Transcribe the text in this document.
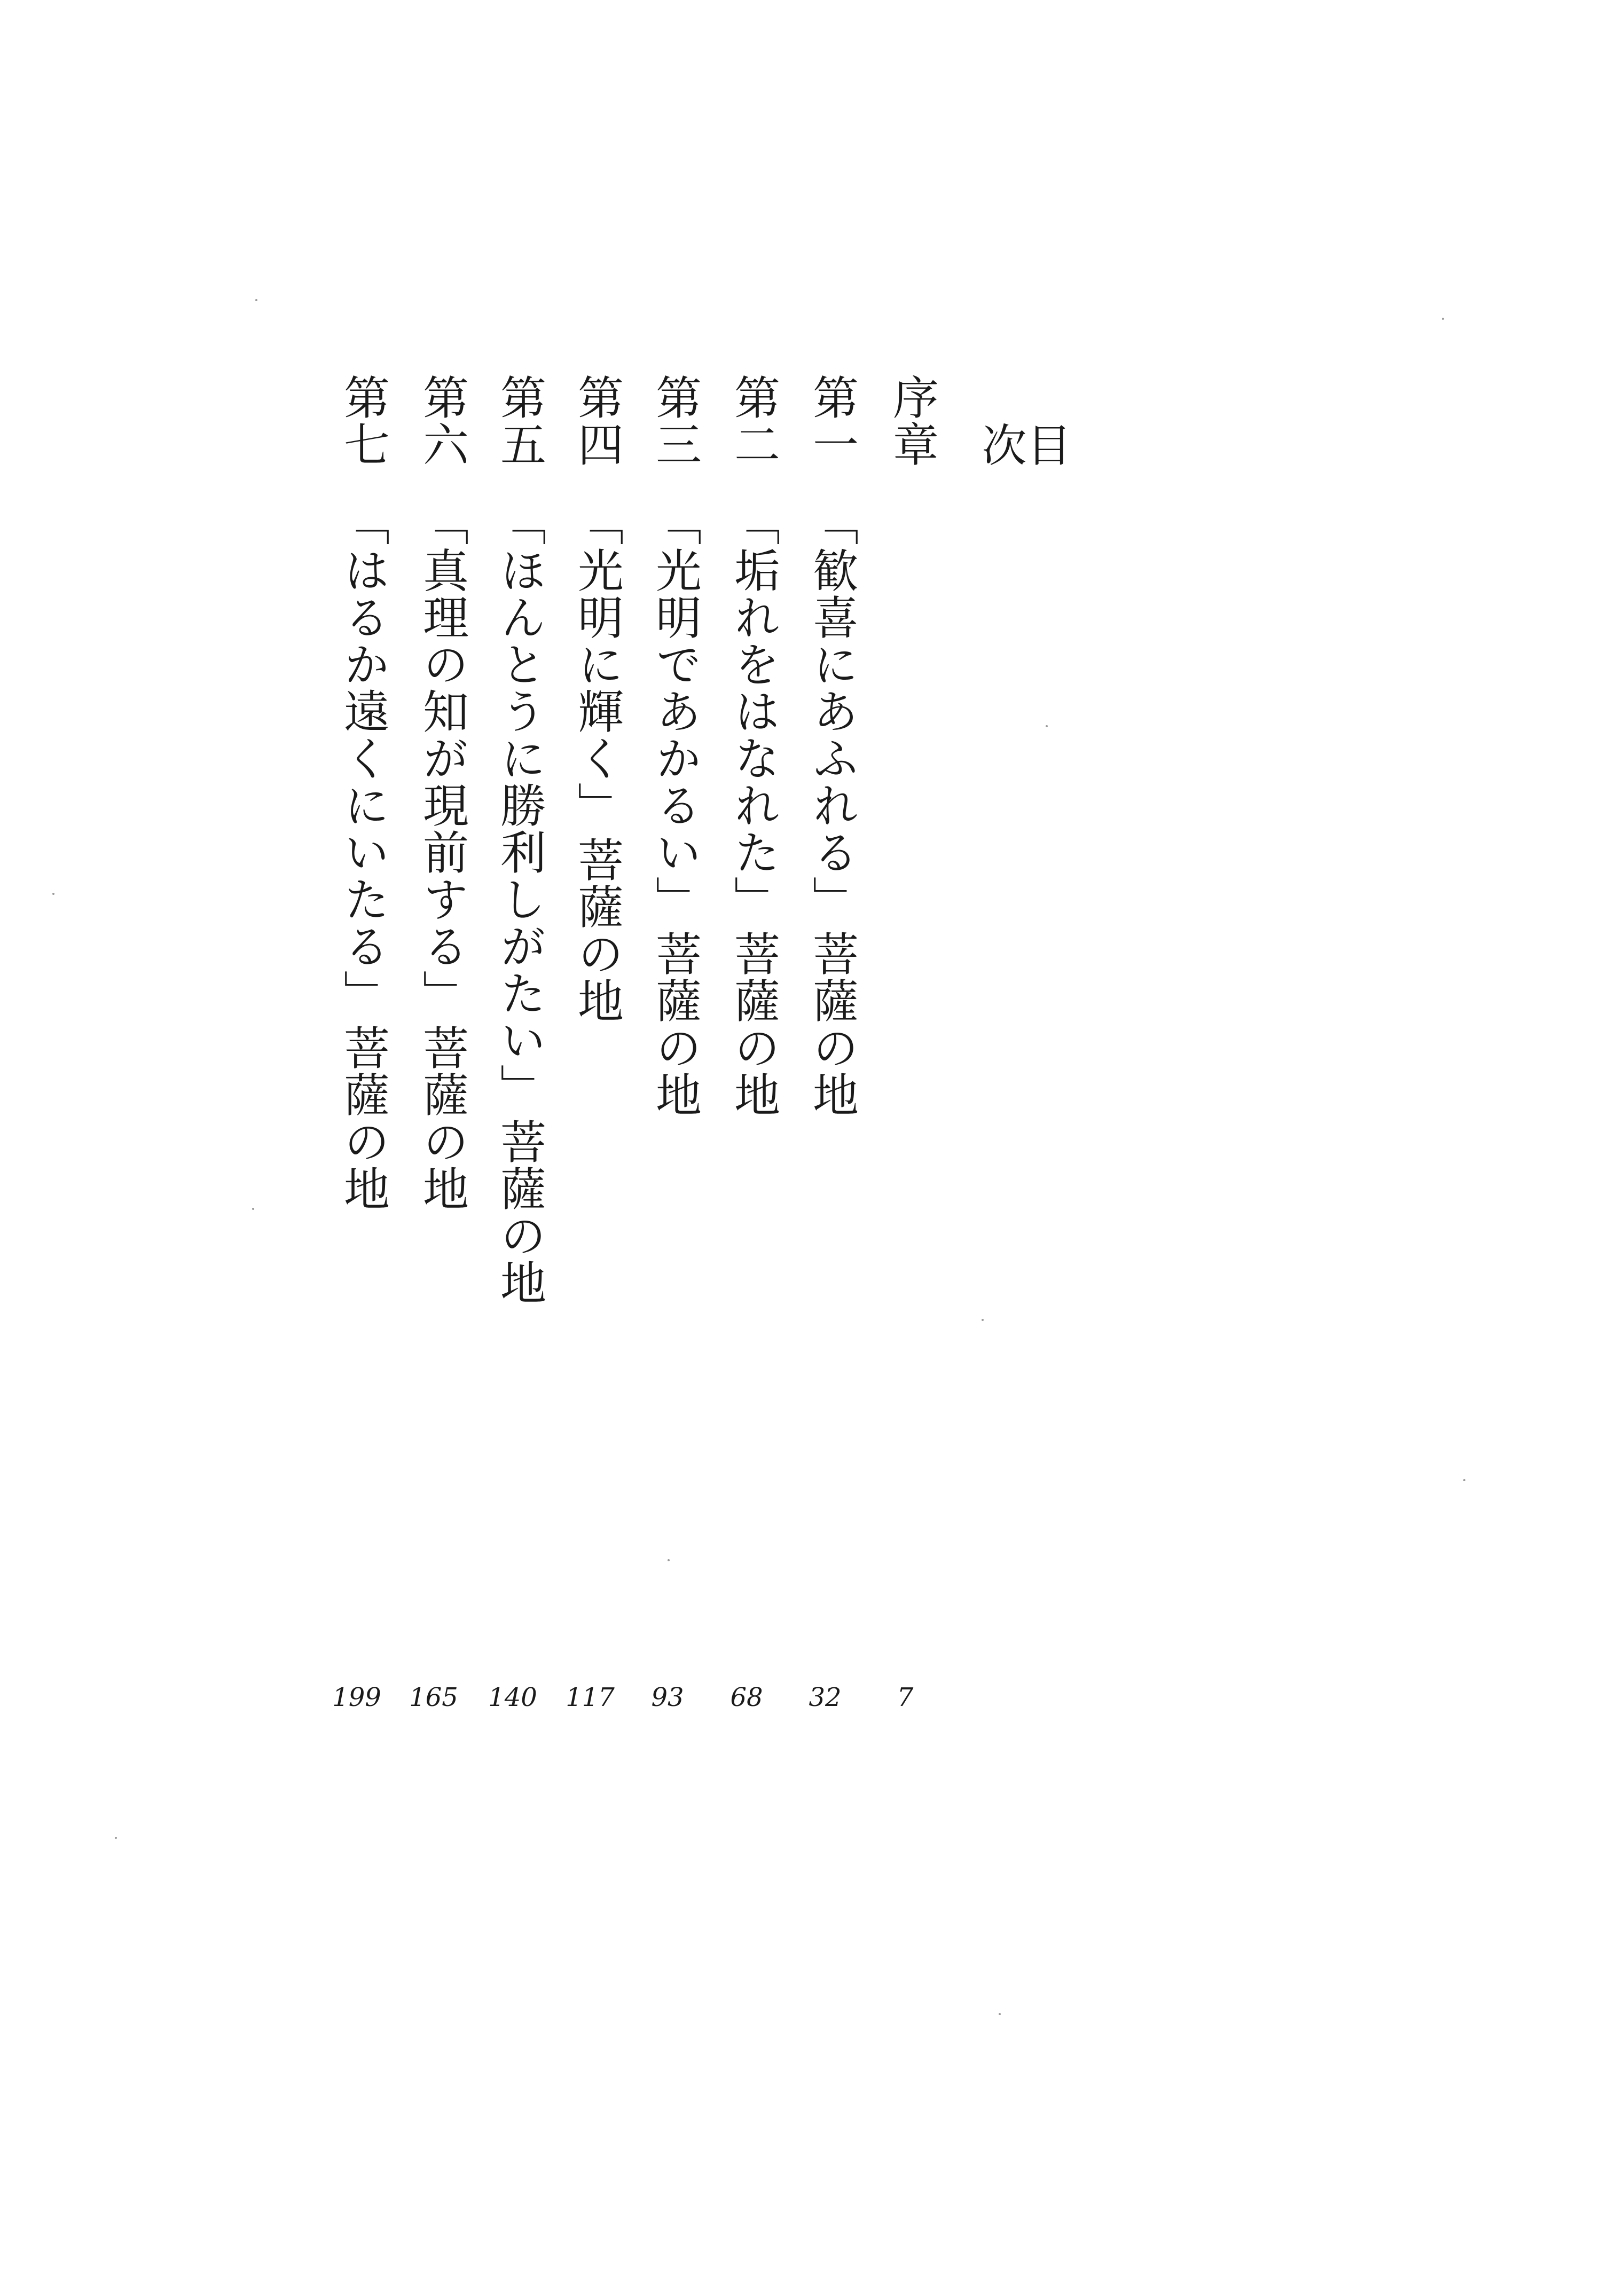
目次
序章
7
第一「歓喜にあふれる」菩薩の地
32
第二「垢れをはなれた」菩薩の地
68
第三「光明であかるい」菩薩の地
93
第四「光明に輝く」菩薩の地
117
第五「ほんとうに勝利しがたい」菩薩の地
140
第六「真理の知が現前する」菩薩の地
165
第七「はるか遠くにいたる」菩薩の地
199
